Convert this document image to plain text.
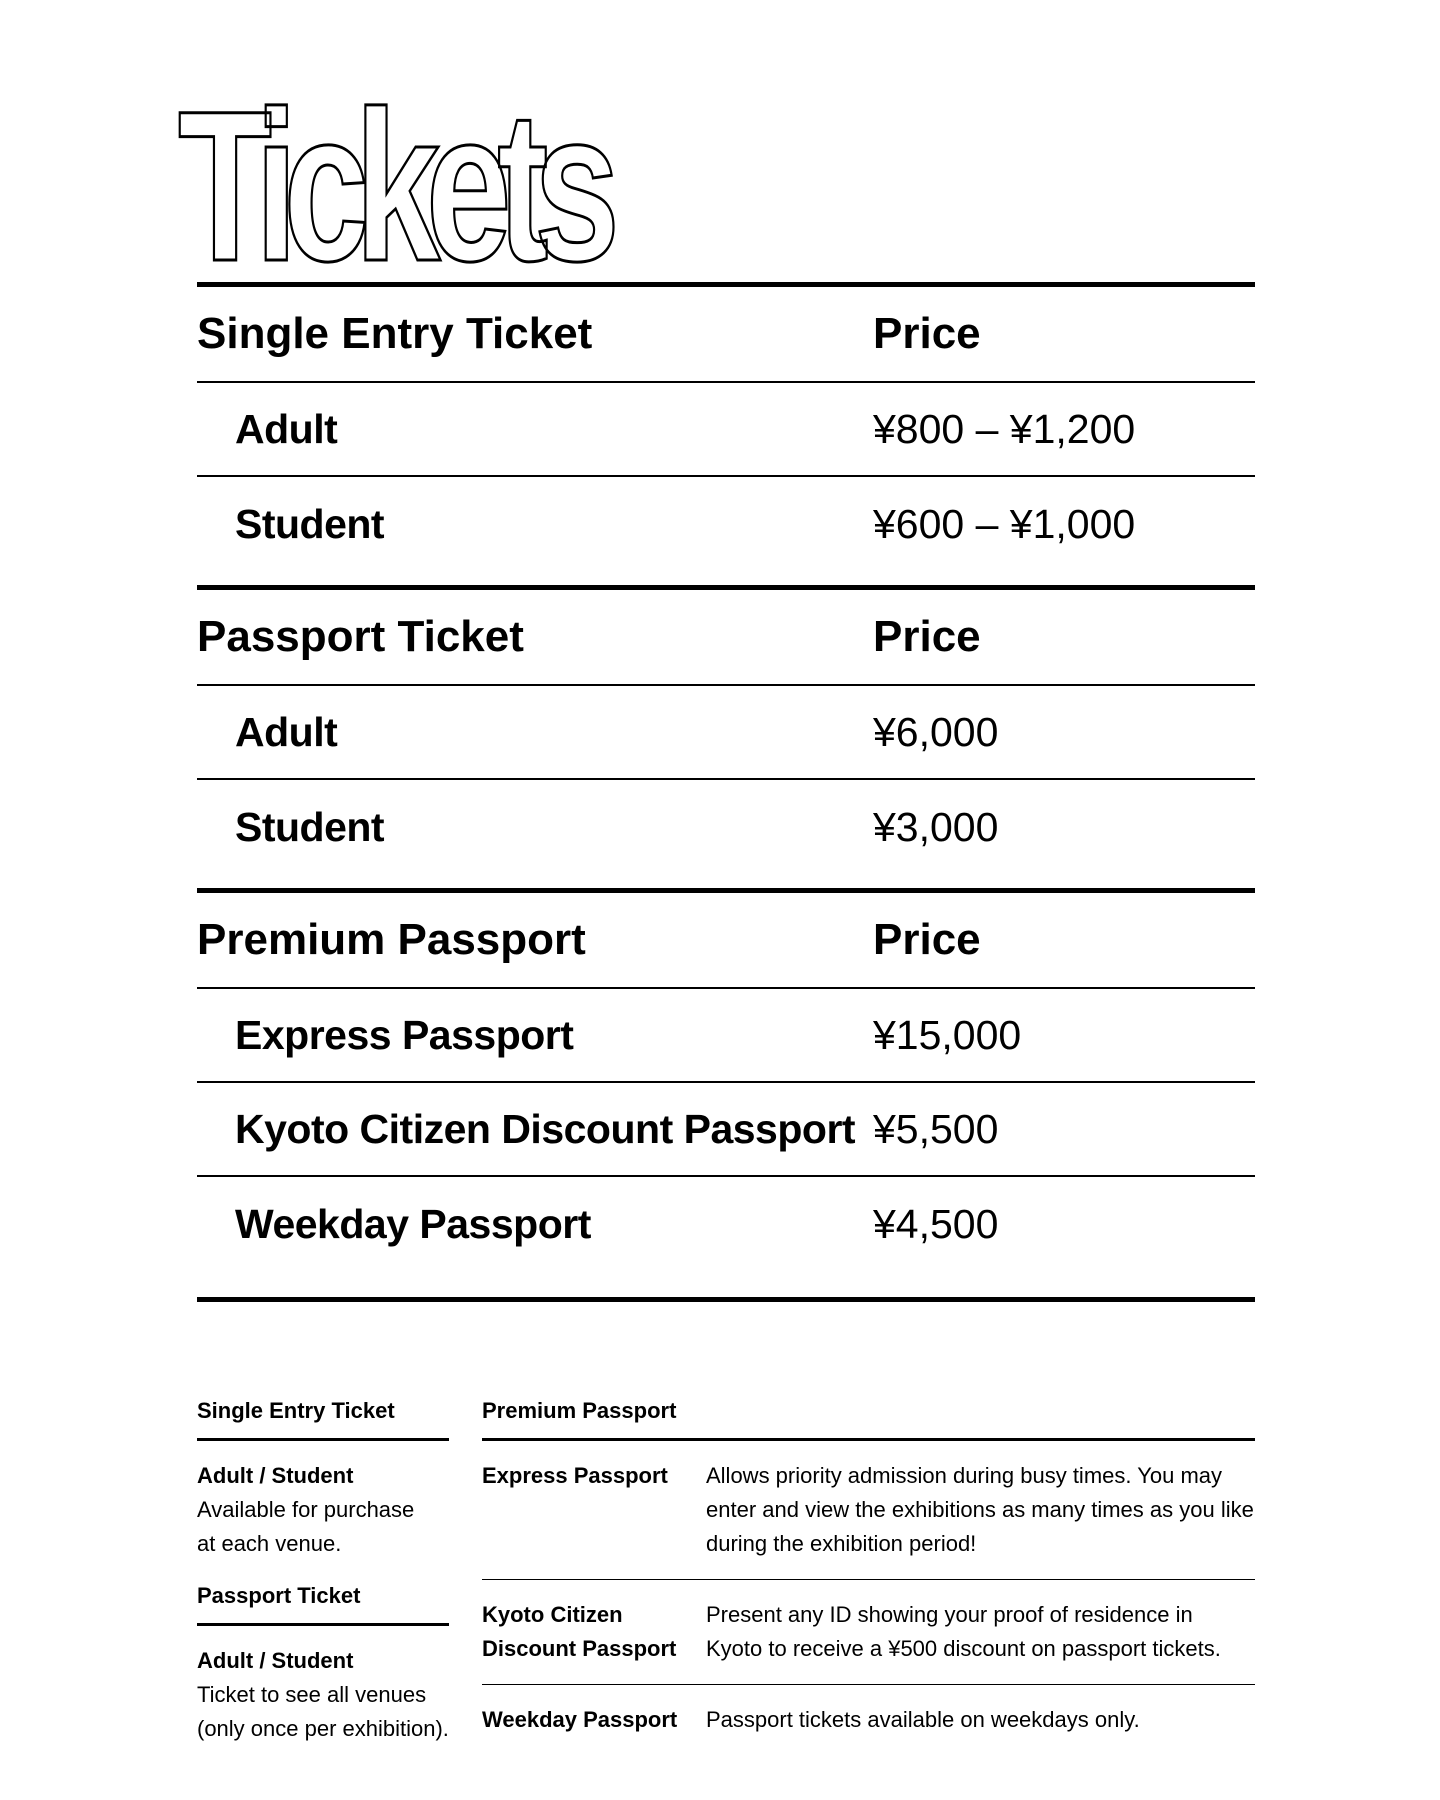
Tickets
Single Entry Ticket	Price
Adult	¥800 – ¥1,200
Student	¥600 – ¥1,000
Passport Ticket	Price
Adult	¥6,000
Student	¥3,000
Premium Passport	Price
Express Passport	¥15,000
Kyoto Citizen Discount Passport ¥5,500
Weekday Passport	¥4,500
Single Entry Ticket
Adult / Student
Available for purchase
at each venue.
Passport Ticket
Adult / Student
Ticket to see all venues
(only once per exhibition).
Premium Passport
Express Passport	Allows priority admission during busy times. You may
enter and view the exhibitions as many times as you like
during the exhibition period!
Kyoto Citizen
Discount Passport
Present any ID showing your proof of residence in
Kyoto to receive a ¥500 discount on passport tickets.
Weekday Passport	Passport tickets available on weekdays only.
